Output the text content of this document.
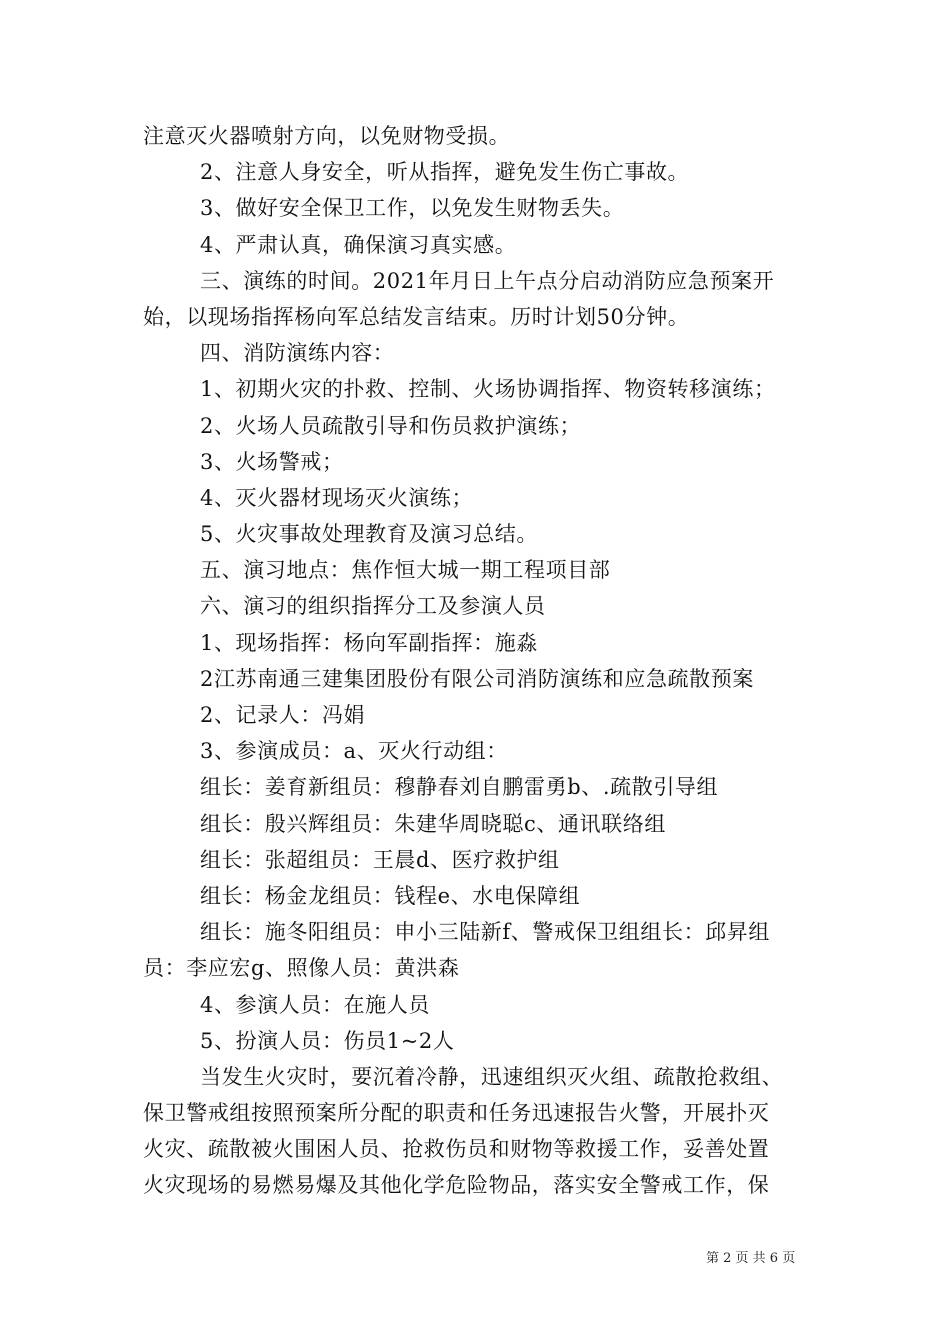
注意灭火器喷射方向，以免财物受损。
2、注意人身安全，听从指挥，避免发生伤亡事故。
3、做好安全保卫工作，以免发生财物丢失。
4、严肃认真，确保演习真实感。
三、演练的时间。2021年月日上午点分启动消防应急预案开
始，以现场指挥杨向军总结发言结束。历时计划50分钟。
四、消防演练内容：
1、初期火灾的扑救、控制、火场协调指挥、物资转移演练；
2、火场人员疏散引导和伤员救护演练；
3、火场警戒；
4、灭火器材现场灭火演练；
5、火灾事故处理教育及演习总结。
五、演习地点：焦作恒大城一期工程项目部
六、演习的组织指挥分工及参演人员
1、现场指挥：杨向军副指挥：施淼
2江苏南通三建集团股份有限公司消防演练和应急疏散预案
2、记录人：冯娟
3、参演成员：a、灭火行动组：
组长：姜育新组员：穆静春刘自鹏雷勇b、.疏散引导组
组长：殷兴辉组员：朱建华周晓聪c、通讯联络组
组长：张超组员：王晨d、医疗救护组
组长：杨金龙组员：钱程e、水电保障组
组长：施冬阳组员：申小三陆新f、警戒保卫组组长：邱昇组
员：李应宏g、照像人员：黄洪森
4、参演人员：在施人员
5、扮演人员：伤员1~2人
当发生火灾时，要沉着冷静，迅速组织灭火组、疏散抢救组、
保卫警戒组按照预案所分配的职责和任务迅速报告火警，开展扑灭
火灾、疏散被火围困人员、抢救伤员和财物等救援工作，妥善处置
火灾现场的易燃易爆及其他化学危险物品，落实安全警戒工作，保
第 2 页 共 6 页
